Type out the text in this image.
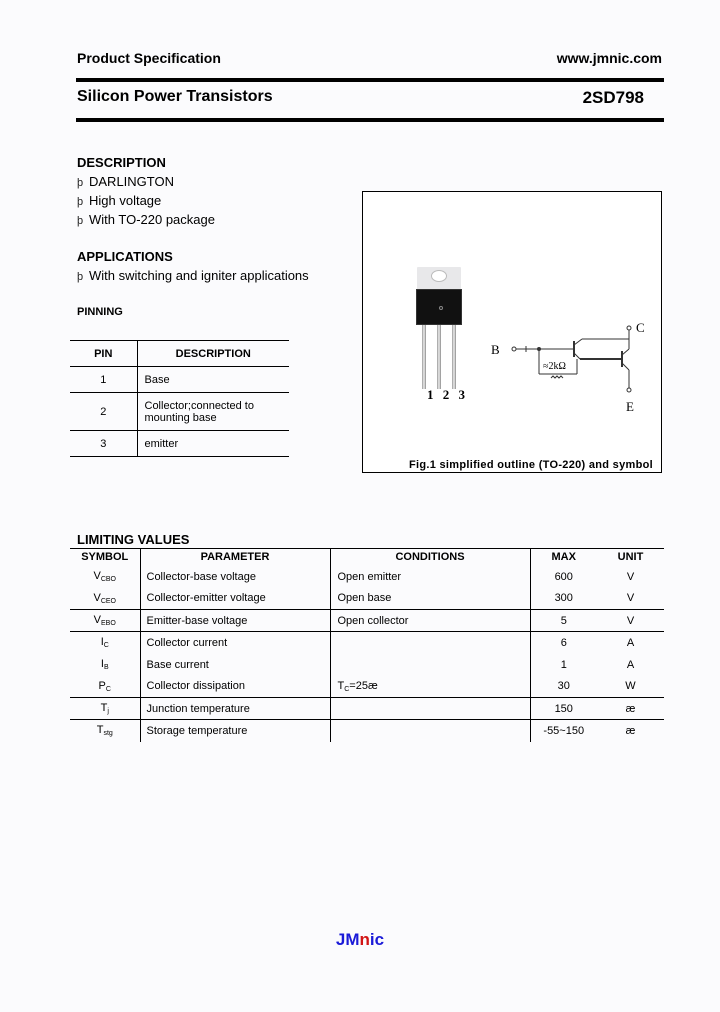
Product Specification	www.jmnic.com
Silicon Power Transistors	2SD798
DESCRIPTION
þ DARLINGTON
þ High voltage
þ With TO-220 package
APPLICATIONS
þ With switching and igniter applications
PINNING
PIN	DESCRIPTION
1	Base
2	Collector;connected to mounting base
3	emitter
1 2 3
B
C
E
≈2kΩ
Fig.1 simplified outline (TO-220) and symbol
LIMITING VALUES
SYMBOL	PARAMETER	CONDITIONS	MAX	UNIT
$V_{CBO}$	Collector-base voltage	Open emitter	600	V
$V_{CEO}$	Collector-emitter voltage	Open base	300	V
$V_{EBO}$	Emitter-base voltage	Open collector	5	V
$I_C$	Collector current		6	A
$I_B$	Base current		1	A
$P_C$	Collector dissipation	$T_C=25æ$	30	W
$T_j$	Junction temperature		150	æ
$T_{stg}$	Storage temperature		-55~150	æ
JMnic
